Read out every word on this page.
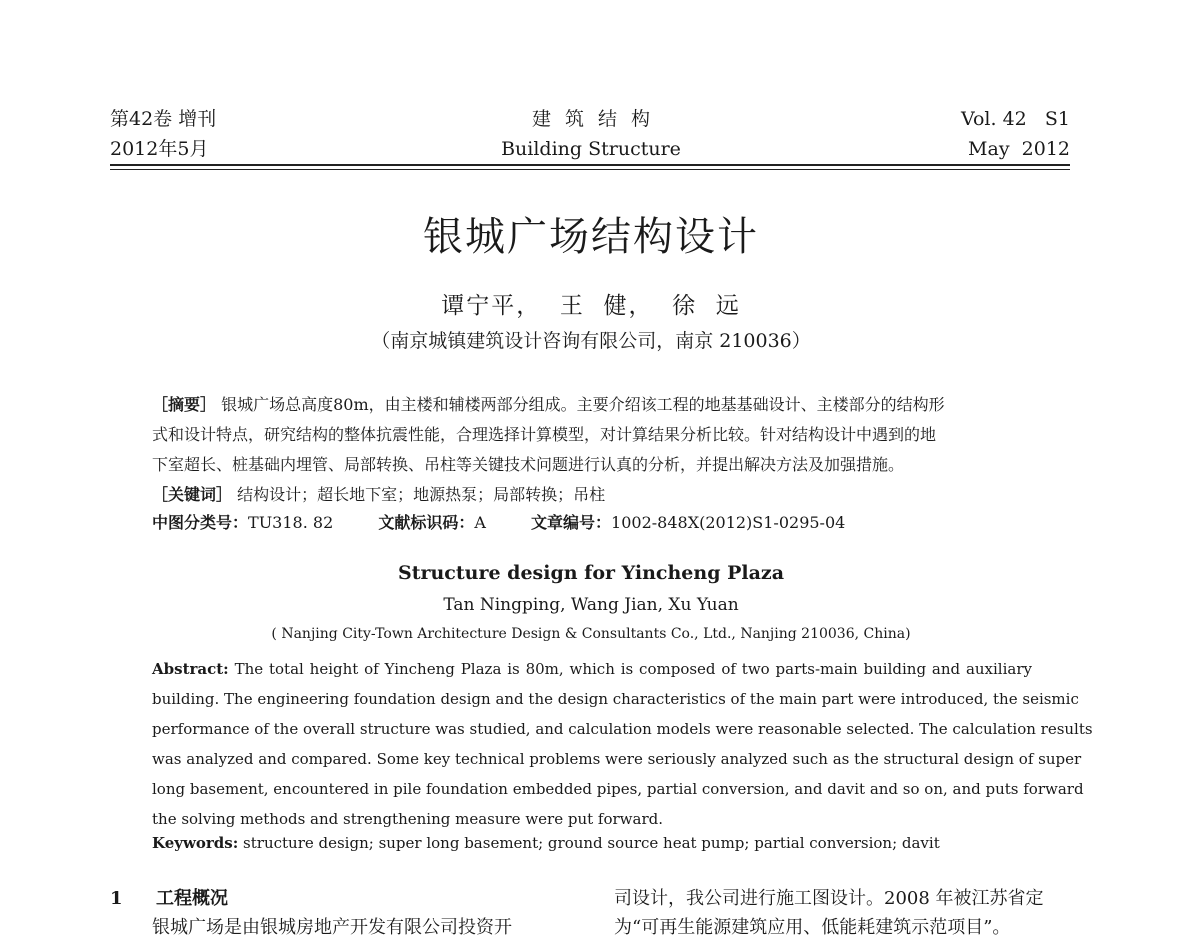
第42卷 增刊
2012年5月
建筑结构
Building Structure
Vol. 42   S1
May  2012
银城广场结构设计
谭宁平，  王  健，  徐  远
（南京城镇建筑设计咨询有限公司，南京 210036）
［摘要］ 银城广场总高度80m，由主楼和辅楼两部分组成。主要介绍该工程的地基基础设计、主楼部分的结构形
式和设计特点，研究结构的整体抗震性能，合理选择计算模型，对计算结果分析比较。针对结构设计中遇到的地
下室超长、桩基础内埋管、局部转换、吊柱等关键技术问题进行认真的分析，并提出解决方法及加强措施。
［关键词］ 结构设计；超长地下室；地源热泵；局部转换；吊柱
中图分类号：TU318. 82	文献标识码：A	文章编号：1002-848X(2012)S1-0295-04
Structure design for Yincheng Plaza
Tan Ningping, Wang Jian, Xu Yuan
( Nanjing City-Town Architecture Design & Consultants Co., Ltd., Nanjing 210036, China)
Abstract: The total height of Yincheng Plaza is 80m, which is composed of two parts-main building and auxiliary
building. The engineering foundation design and the design characteristics of the main part were introduced, the seismic
performance of the overall structure was studied, and calculation models were reasonable selected. The calculation results
was analyzed and compared. Some key technical problems were seriously analyzed such as the structural design of super
long basement, encountered in pile foundation embedded pipes, partial conversion, and davit and so on, and puts forward
the solving methods and strengthening measure were put forward.
Keywords: structure design; super long basement; ground source heat pump; partial conversion; davit
1 工程概况
银城广场是由银城房地产开发有限公司投资开
司设计，我公司进行施工图设计。2008 年被江苏省定
为“可再生能源建筑应用、低能耗建筑示范项目”。
